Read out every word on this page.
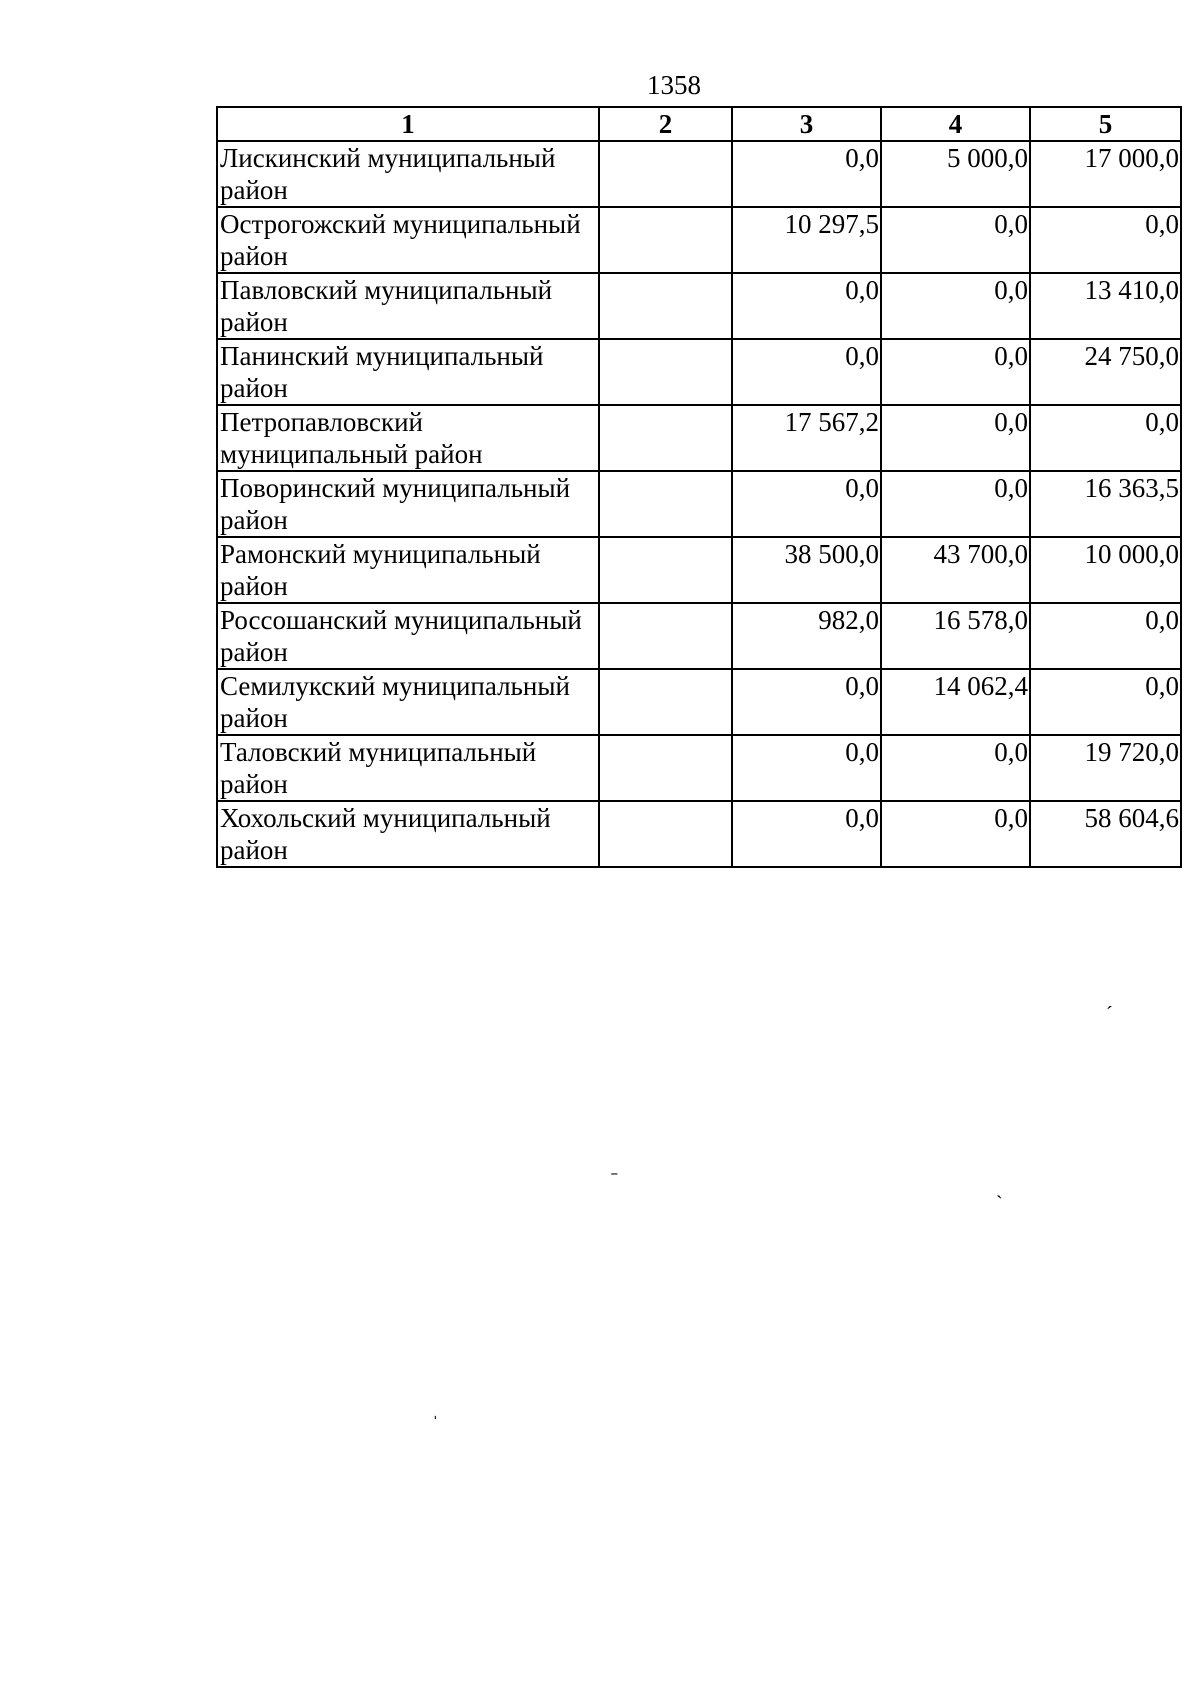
1358
1	2	3	4	5
Лискинский муниципальный район		0,0	5 000,0	17 000,0
Острогожский муниципальный район		10 297,5	0,0	0,0
Павловский муниципальный район		0,0	0,0	13 410,0
Панинский муниципальный район		0,0	0,0	24 750,0
Петропавловский муниципальный район		17 567,2	0,0	0,0
Поворинский муниципальный район		0,0	0,0	16 363,5
Рамонский муниципальный район		38 500,0	43 700,0	10 000,0
Россошанский муниципальный район		982,0	16 578,0	0,0
Семилукский муниципальный район		0,0	14 062,4	0,0
Таловский муниципальный район		0,0	0,0	19 720,0
Хохольский муниципальный район		0,0	0,0	58 604,6
ˊ
˗
ˏ
ˈ
